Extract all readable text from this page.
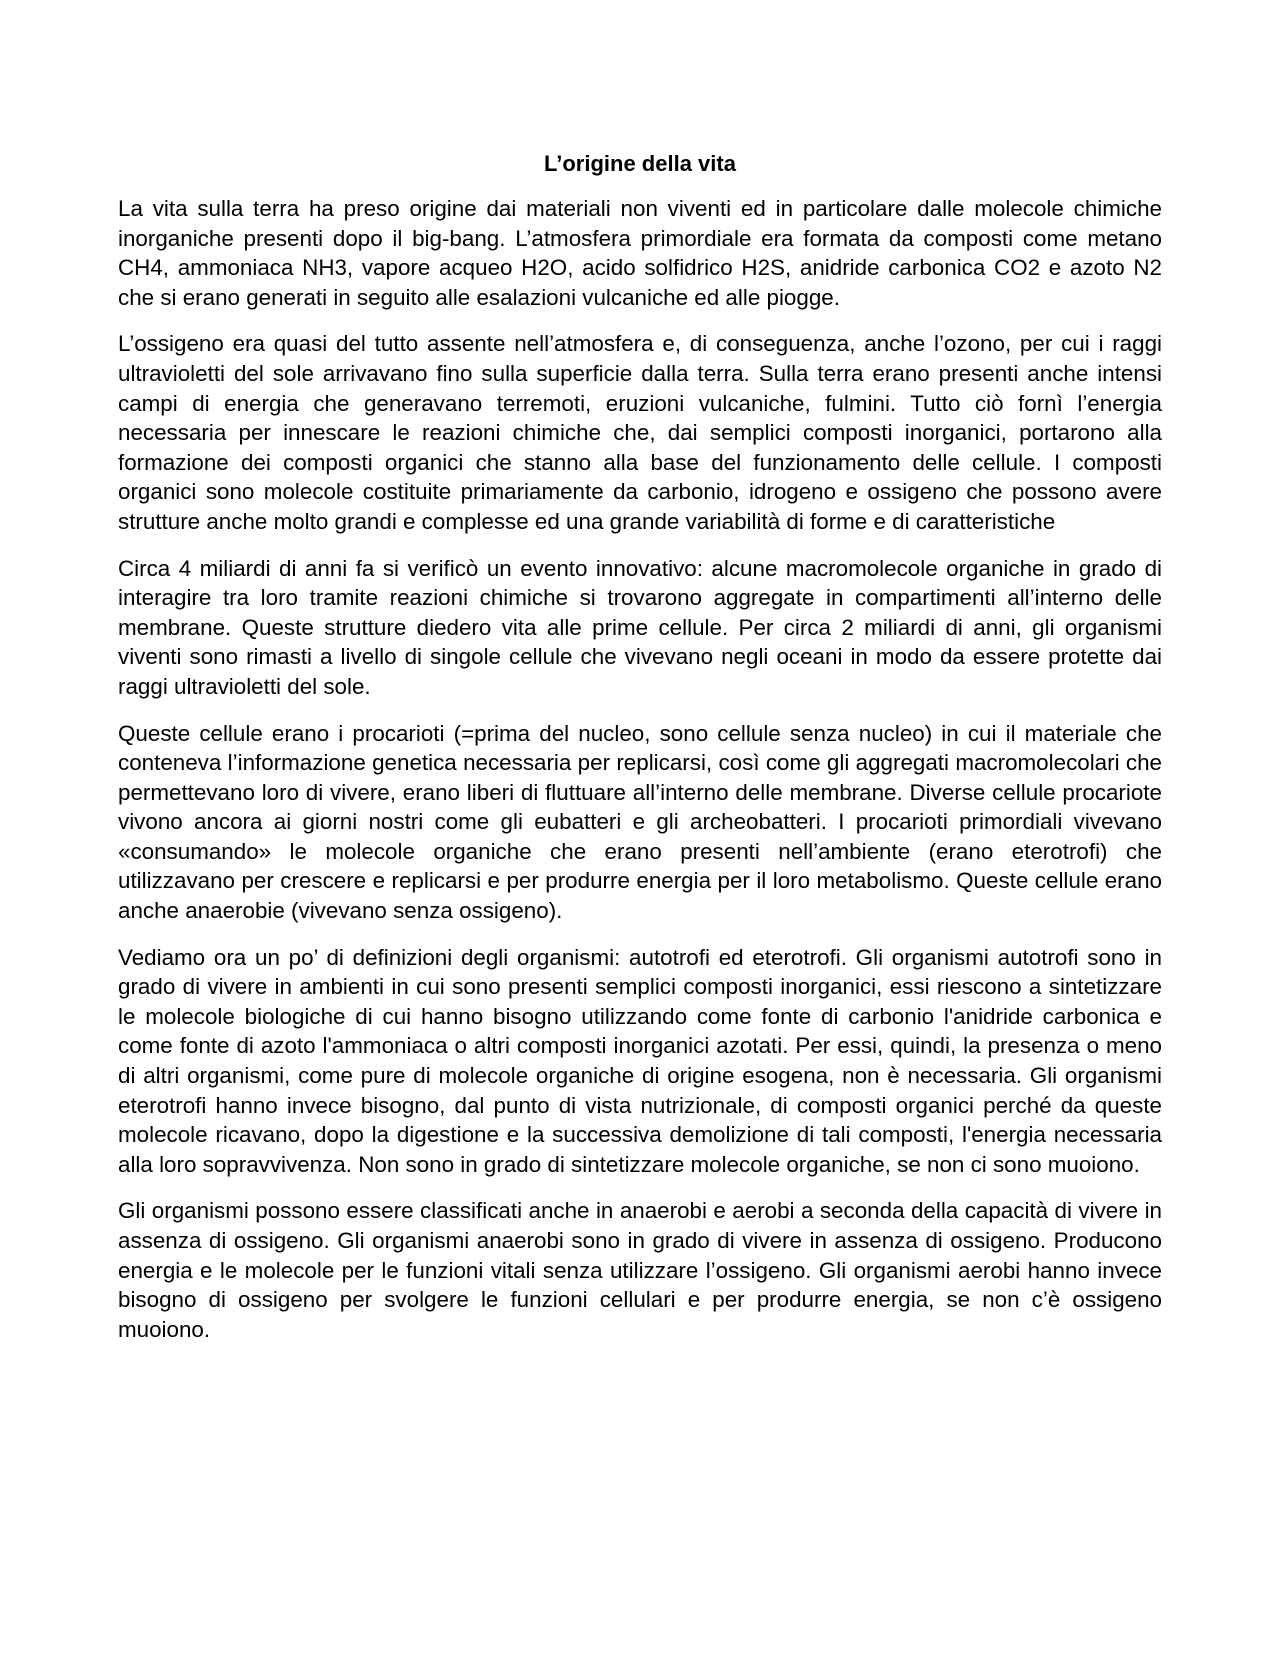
L’origine della vita

La vita sulla terra ha preso origine dai materiali non viventi ed in particolare dalle molecole chimiche inorganiche presenti dopo il big-bang. L’atmosfera primordiale era formata da composti come metano CH4, ammoniaca NH3, vapore acqueo H2O, acido solfidrico H2S, anidride carbonica CO2 e azoto N2 che si erano generati in seguito alle esalazioni vulcaniche ed alle piogge.

L’ossigeno era quasi del tutto assente nell’atmosfera e, di conseguenza, anche l’ozono, per cui i raggi ultravioletti del sole arrivavano fino sulla superficie dalla terra. Sulla terra erano presenti anche intensi campi di energia che generavano terremoti, eruzioni vulcaniche, fulmini. Tutto ciò fornì l’energia necessaria per innescare le reazioni chimiche che, dai semplici composti inorganici, portarono alla formazione dei composti organici che stanno alla base del funzionamento delle cellule. I composti organici sono molecole costituite primariamente da carbonio, idrogeno e ossigeno che possono avere strutture anche molto grandi e complesse ed una grande variabilità di forme e di caratteristiche

Circa 4 miliardi di anni fa si verificò un evento innovativo: alcune macromolecole organiche in grado di interagire tra loro tramite reazioni chimiche si trovarono aggregate in compartimenti all’interno delle membrane. Queste strutture diedero vita alle prime cellule. Per circa 2 miliardi di anni, gli organismi viventi sono rimasti a livello di singole cellule che vivevano negli oceani in modo da essere protette dai raggi ultravioletti del sole.

Queste cellule erano i procarioti (=prima del nucleo, sono cellule senza nucleo) in cui il materiale che conteneva l’informazione genetica necessaria per replicarsi, così come gli aggregati macromolecolari che permettevano loro di vivere, erano liberi di fluttuare all’interno delle membrane. Diverse cellule procariote vivono ancora ai giorni nostri come gli eubatteri e gli archeobatteri. I procarioti primordiali vivevano «consumando» le molecole organiche che erano presenti nell’ambiente (erano eterotrofi) che utilizzavano per crescere e replicarsi e per produrre energia per il loro metabolismo. Queste cellule erano anche anaerobie (vivevano senza ossigeno).

Vediamo ora un po’ di definizioni degli organismi: autotrofi ed eterotrofi. Gli organismi autotrofi sono in grado di vivere in ambienti in cui sono presenti semplici composti inorganici, essi riescono a sintetizzare le molecole biologiche di cui hanno bisogno utilizzando come fonte di carbonio l'anidride carbonica e come fonte di azoto l'ammoniaca o altri composti inorganici azotati. Per essi, quindi, la presenza o meno di altri organismi, come pure di molecole organiche di origine esogena, non è necessaria. Gli organismi eterotrofi hanno invece bisogno, dal punto di vista nutrizionale, di composti organici perché da queste molecole ricavano, dopo la digestione e la successiva demolizione di tali composti, l'energia necessaria alla loro sopravvivenza. Non sono in grado di sintetizzare molecole organiche, se non ci sono muoiono.

Gli organismi possono essere classificati anche in anaerobi e aerobi a seconda della capacità di vivere in assenza di ossigeno. Gli organismi anaerobi sono in grado di vivere in assenza di ossigeno. Producono energia e le molecole per le funzioni vitali senza utilizzare l’ossigeno. Gli organismi aerobi hanno invece bisogno di ossigeno per svolgere le funzioni cellulari e per produrre energia, se non c’è ossigeno muoiono.
